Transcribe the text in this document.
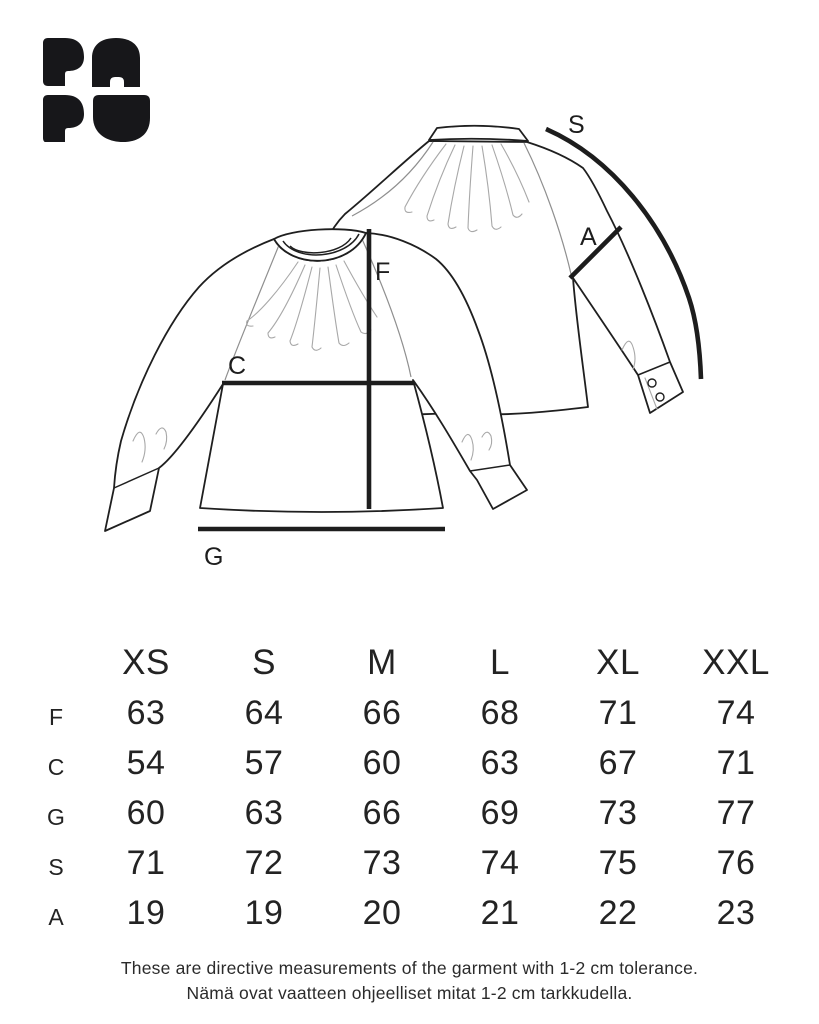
S
A
F
C
G
XS	S	M	L	XL	XXL
F	63	64	66	68	71	74
C	54	57	60	63	67	71
G	60	63	66	69	73	77
S	71	72	73	74	75	76
A	19	19	20	21	22	23
These are directive measurements of the garment with 1-2 cm tolerance.
Nämä ovat vaatteen ohjeelliset mitat 1-2 cm tarkkudella.
